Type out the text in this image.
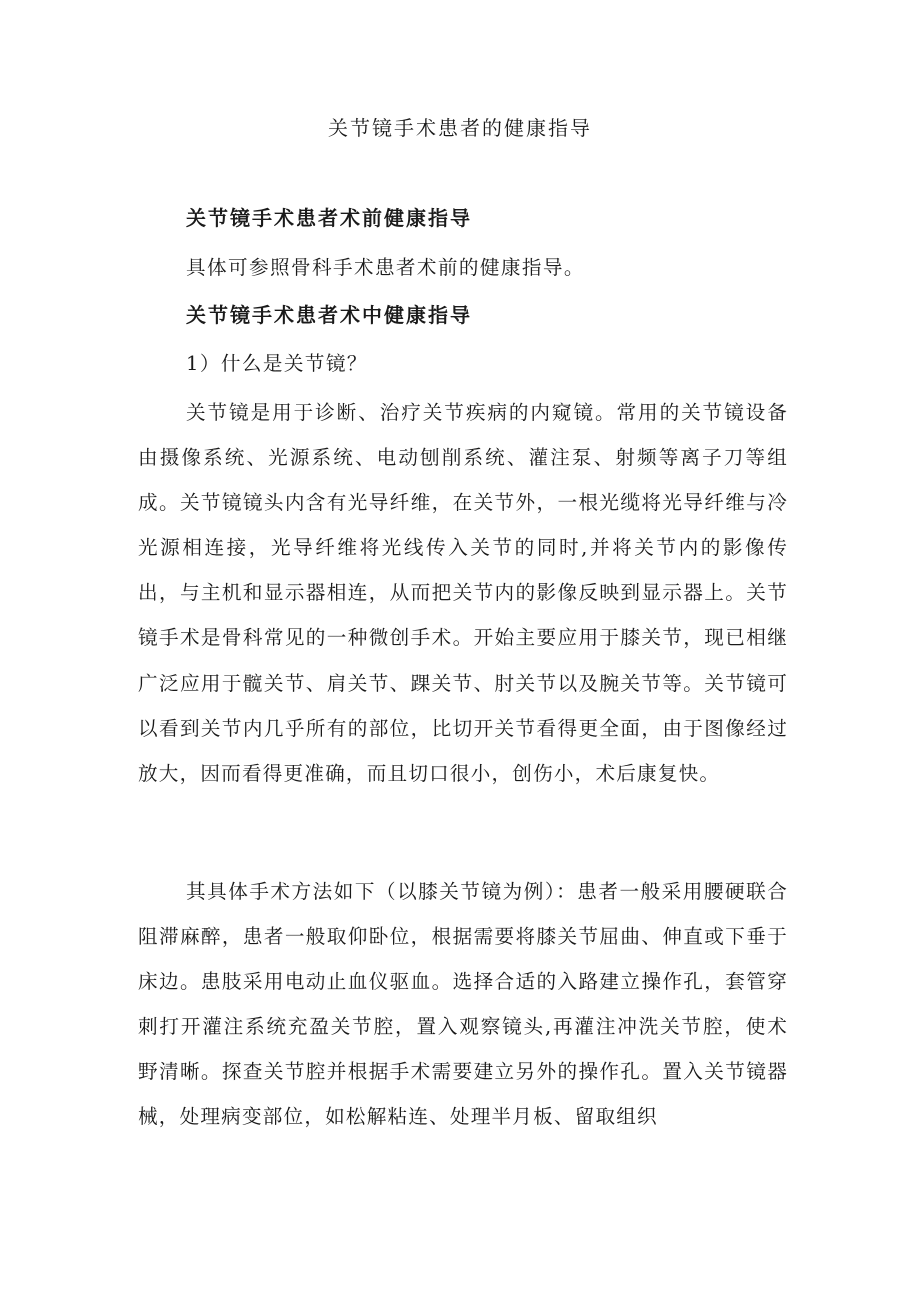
关节镜手术患者的健康指导

关节镜手术患者术前健康指导

具体可参照骨科手术患者术前的健康指导。

关节镜手术患者术中健康指导

1）什么是关节镜？

关节镜是用于诊断、治疗关节疾病的内窥镜。常用的关节镜设备由摄像系统、光源系统、电动刨削系统、灌注泵、射频等离子刀等组成。关节镜镜头内含有光导纤维，在关节外，一根光缆将光导纤维与冷光源相连接，光导纤维将光线传入关节的同时,并将关节内的影像传出，与主机和显示器相连，从而把关节内的影像反映到显示器上。关节镜手术是骨科常见的一种微创手术。开始主要应用于膝关节，现已相继广泛应用于髋关节、肩关节、踝关节、肘关节以及腕关节等。关节镜可以看到关节内几乎所有的部位，比切开关节看得更全面，由于图像经过放大，因而看得更准确，而且切口很小，创伤小，术后康复快。

其具体手术方法如下（以膝关节镜为例）：患者一般采用腰硬联合阻滞麻醉，患者一般取仰卧位，根据需要将膝关节屈曲、伸直或下垂于床边。患肢采用电动止血仪驱血。选择合适的入路建立操作孔，套管穿刺打开灌注系统充盈关节腔，置入观察镜头,再灌注冲洗关节腔，使术野清晰。探查关节腔并根据手术需要建立另外的操作孔。置入关节镜器械，处理病变部位，如松解粘连、处理半月板、留取组织
